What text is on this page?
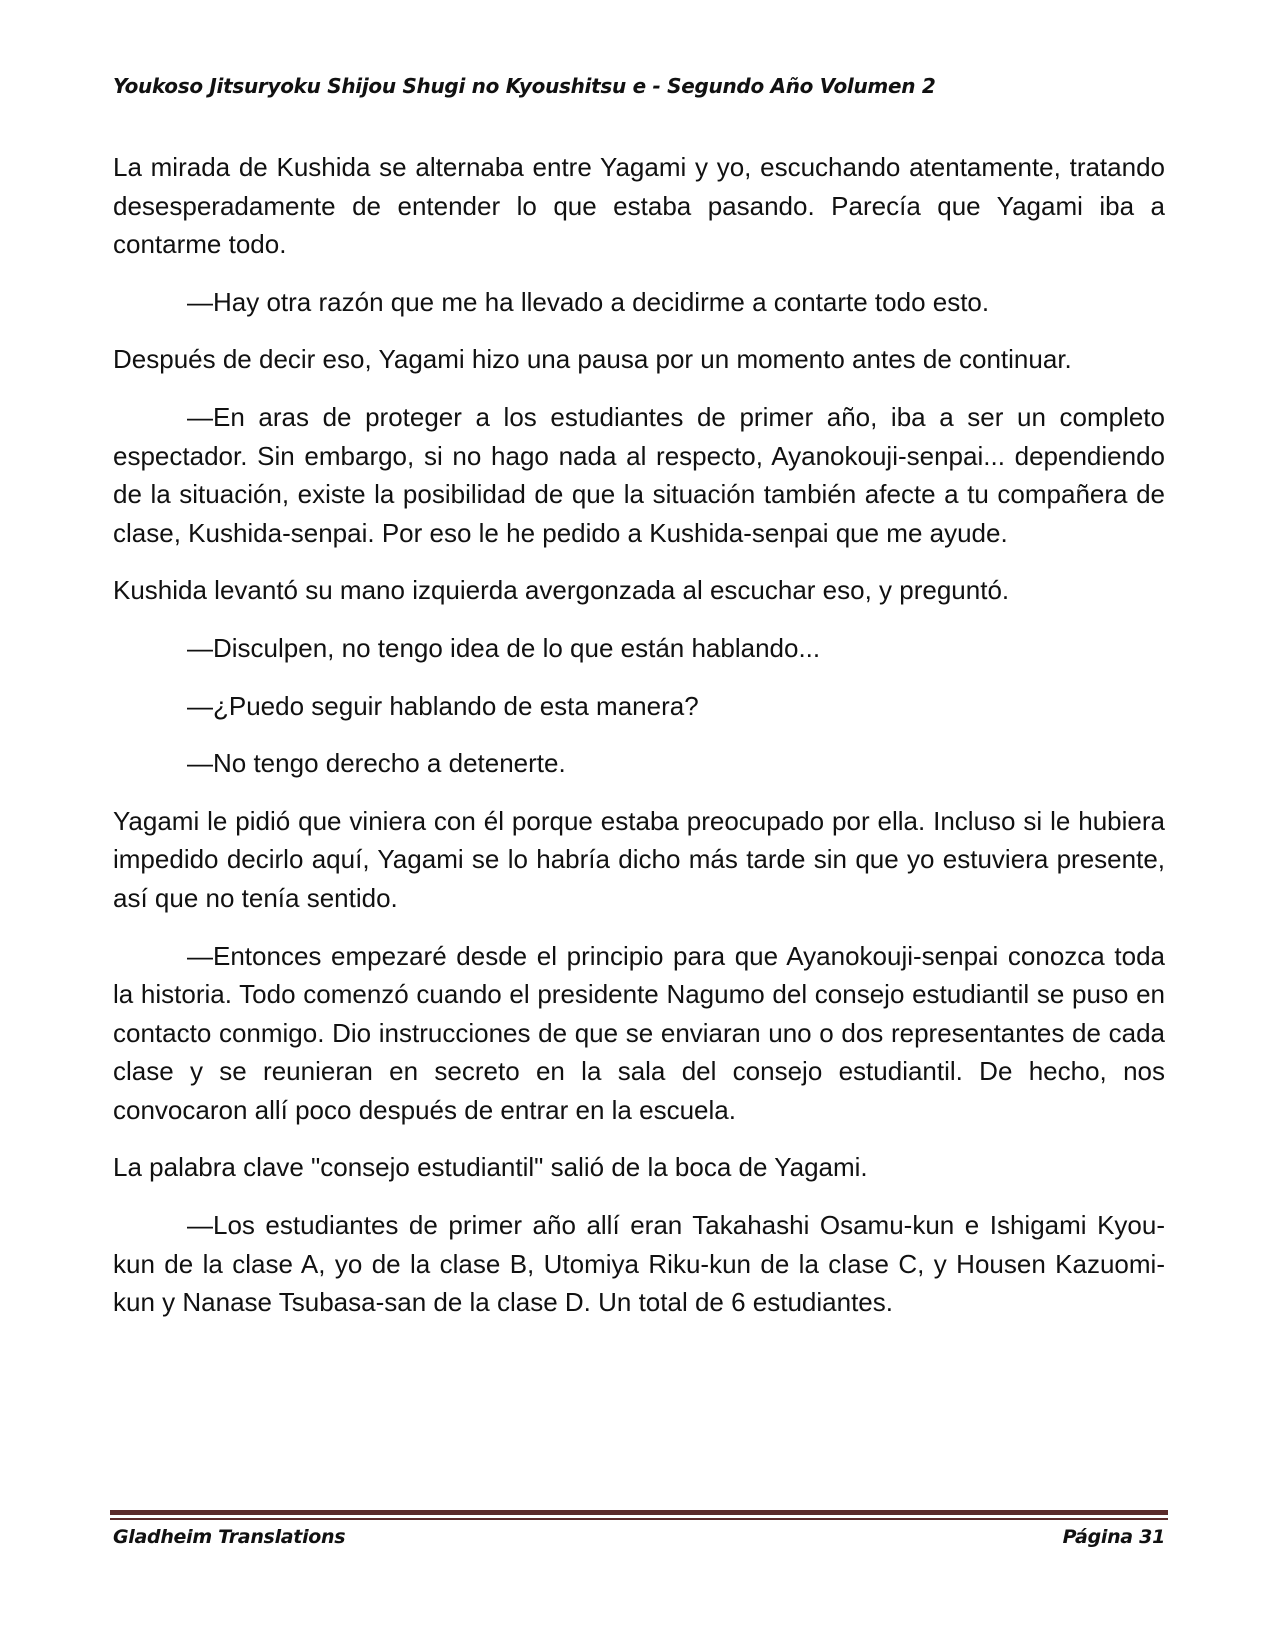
Youkoso Jitsuryoku Shijou Shugi no Kyoushitsu e - Segundo Año Volumen 2

La mirada de Kushida se alternaba entre Yagami y yo, escuchando atentamente, tratando desesperadamente de entender lo que estaba pasando. Parecía que Yagami iba a contarme todo.

—Hay otra razón que me ha llevado a decidirme a contarte todo esto.

Después de decir eso, Yagami hizo una pausa por un momento antes de continuar.

—En aras de proteger a los estudiantes de primer año, iba a ser un completo espectador. Sin embargo, si no hago nada al respecto, Ayanokouji-senpai... dependiendo de la situación, existe la posibilidad de que la situación también afecte a tu compañera de clase, Kushida-senpai. Por eso le he pedido a Kushida-senpai que me ayude.

Kushida levantó su mano izquierda avergonzada al escuchar eso, y preguntó.

—Disculpen, no tengo idea de lo que están hablando...

—¿Puedo seguir hablando de esta manera?

—No tengo derecho a detenerte.

Yagami le pidió que viniera con él porque estaba preocupado por ella. Incluso si le hubiera impedido decirlo aquí, Yagami se lo habría dicho más tarde sin que yo estuviera presente, así que no tenía sentido.

—Entonces empezaré desde el principio para que Ayanokouji-senpai conozca toda la historia. Todo comenzó cuando el presidente Nagumo del consejo estudiantil se puso en contacto conmigo. Dio instrucciones de que se enviaran uno o dos representantes de cada clase y se reunieran en secreto en la sala del consejo estudiantil. De hecho, nos convocaron allí poco después de entrar en la escuela.

La palabra clave "consejo estudiantil" salió de la boca de Yagami.

—Los estudiantes de primer año allí eran Takahashi Osamu-kun e Ishigami Kyou-kun de la clase A, yo de la clase B, Utomiya Riku-kun de la clase C, y Housen Kazuomi-kun y Nanase Tsubasa-san de la clase D. Un total de 6 estudiantes.

Gladheim Translations	Página 31
